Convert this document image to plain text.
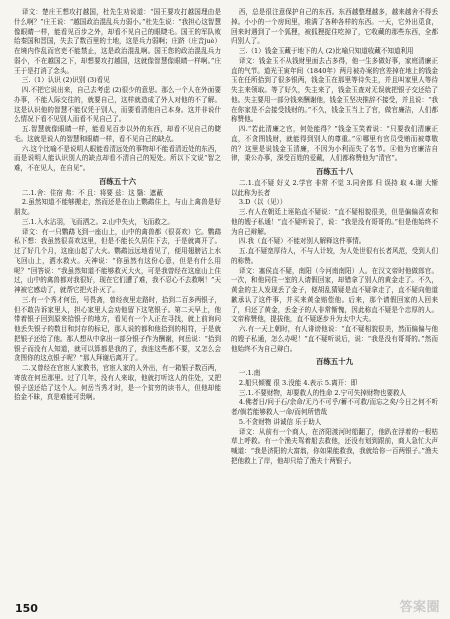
译文：楚庄王想攻打越国，杜先生劝说道：“国王要攻打越国理由是什么啊？”庄王说：“越国政治混乱兵力弱小。”杜先生说：“我担心这智慧像眼睛一样，能看见百步之外，却看不见自己的眼睫毛。国王的军队败给秦国和晋国，失去了数百里的土地，这是兵力弱啊；庄跻（庄音juè）在境内作乱而官吏不能禁止，这是政治混乱啊。国王您的政治混乱兵力弱小，不在越国之下，却想要攻打越国，这就像智慧像眼睛一样啊。”庄王于是打消了念头。

三.（1）认识 (2)识别 (3)看见

四.不把它说出来，自己去考虑 (2)很少的意思。那么一个人在外面要办事，不能人际交往的，就要自己，这样就造成了外人对他的不了解。这是认识他的智慧不能仅凭于别人，而要看清他自己本身。这并非说什么情况下看不见别人而看不见自己了。

五.智慧就像眼睛一样，能看见百步以外的东西，却看不见自己的睫毛。这就是说人的智慧和眼睛一样，看不见自己的缺点。

六.这个比喻不是说明人眼能看清远处的事物却不能看清近处的东西，而是说明人能认识别人的缺点却看不清自己的短处。所以下文说“智之难，不在见人，在自见”。

百练五十六

二.1.舍：住宿 弗：不 且：将要 兹：这 翳：遮蔽

2.虽然知道不能够搬走，然而还是在山上鹦鹉住上，与山上禽兽是好朋友。

三.1.入水沾羽，飞而洒之。2.山中失火，飞而救之。

译文：有一只鹦鹉飞到一座山上，山中的禽兽都（很喜欢）它。鹦鹉私下想：我虽然很喜欢这里，但是不能长久居住下去，于是就离开了。过了好几个月，这座山起了大火。鹦鹉远远地看见了，便用翅膀沾上水飞回山上，洒水救火。天神说：“你虽然有这份心意，但是有什么用呢？”回答说：“我虽然知道不能够救灭大火，可是我曾经在这座山上住过，山中的禽兽都对我很好，现在它们遭了难，我不忍心不去救啊！”天神被它感动了，就帮它把火扑灭了。

三.有一个秀才何岳，号畏斋，曾经夜里走路时，拾到二百多两银子，但不敢告诉家里人，担心家里人会劝他留下这笔银子。第二天早上，他带着银子回到原来拾银子的地方，看见有一个人正在寻找，就上前询问他丢失银子的数目和封存的标记，那人说的都和他拾到的相符，于是就把银子还给了他。那人想从中拿出一部分银子作为酬谢，何岳说：“拾到银子而没有人知道，就可以算都是我的了，我连这些都不要，又怎么会贪图你的这点银子呢？”那人拜谢后离开了。

二.又曾经在官宦人家教书，官宦人家的人外出，有一箱银子数百两，寄放在何岳那里。过了几年，没有人来取，他就打听这人的住处，又把银子送还给了这个人。何岳当秀才时，是一个贫穷的读书人，但他却能拾金不昧，真是难能可贵啊。

西，总是很注意保护自己的东西。东西越整理越多，越来越舍不得丢掉。小小的一个房间里，堆满了各种各样的东西。一天，它外出觅食，回来时遇到了一个狐狸，被狐狸捉住吃掉了，它收藏的那些东西，全都归别人了。

三.（1）钱金玉藏于地下的人 (2)比喻只知道收藏不知道利用

译文：钱金玉不从钱财里面去占多得，他一生多做好事，家庭清廉正直的气节。道光王寅年间（1840年）两月被办案的官差掉在地上的钱金玉在任所拾到了很多银两，钱金玉在那里等待失主，并且叫家里人等待失主来领取。等了好久，失主来了，钱金玉查对无误就把银子交还给了他。失主要用一部分钱来酬谢他，钱金玉坚决推辞不接受，并且说：“我在你家是不会接受钱财的。”不久，钱金玉当上了官，做官廉洁，人们都称赞他。

四.“若此清廉之官，何处能得？”钱金玉笑着说：“只要我们清廉正直，不贪图钱财，就能得到别人的尊重。”⑥哪里有官员受贿而被尊敬的？这里是说钱金玉清廉，不因为小利而失了名节。④他为官廉洁自律，秉公办事，深受百姓的爱戴，人们都称赞他为“清官”。

百练五十八

二.1.直不疑 好义 2.学官 非常 不觉 3.同舍郎 归 误持 取 4.谢 大惭 以此称为长者

3.D（以（见））

三.有人在朝廷上诬陷直不疑说：“直不疑相貌很美，但是偏偏喜欢和他的嫂子私通！”直不疑听说了，说：“我是没有哥哥的。”但是他始终不为自己辩解。

四.我（直不疑）不能对别人解释这件事情。

五.直不疑宽厚待人，不与人计较，为人处世很有长者风范，受到人们的称赞。

译文：塞侯直不疑，南阳（今河南南阳）人。在汉文帝时他做郎官。一次，和他同住一室的人请假回家，却错拿了别人的黄金走了。不久，黄金的主人发现丢了金子，便胡乱猜疑是直不疑拿走了，直不疑向他道歉承认了这件事，并买来黄金赔偿他。后来，那个请假回家的人回来了，归还了黄金，丢金子的人非常惭愧，因此称直不疑是个忠厚的人。文帝称赞他，提拔他，直不疑逐步升为太中大夫。

六.有一天上朝时，有人诽谤他说：“直不疑相貌很美，然而偏偏与他的嫂子私通，怎么办呢！”直不疑听说后，说：“我是没有哥哥的。”然而他始终不为自己辩白。

百练五十九

一.1.南

2.船只倾覆 很 3.没能 4.表示 5.离开：即

三.1.不要财物，却要救人的性命 2.宁可失掉财物也要救人

4.佛者日/问于石/余命/无乃不可乎/蓄不可救/而忘之矣/今日之何不听者/倘若能够救人一命/而何所惜哉

5.不贪财物 讲诚信 乐于助人

译文：从前有一个商人，在济阳渡河时船翻了，他趴在浮着的一根枯草上呼救。有一个渔夫驾着船去救他，还没有划到跟前，商人急忙大声喊道：“我是济阳的大富翁，你如果能救我，我就给你一百两银子。”渔夫把他救上了岸，他却只给了渔夫十两银子。

150	答案圈
